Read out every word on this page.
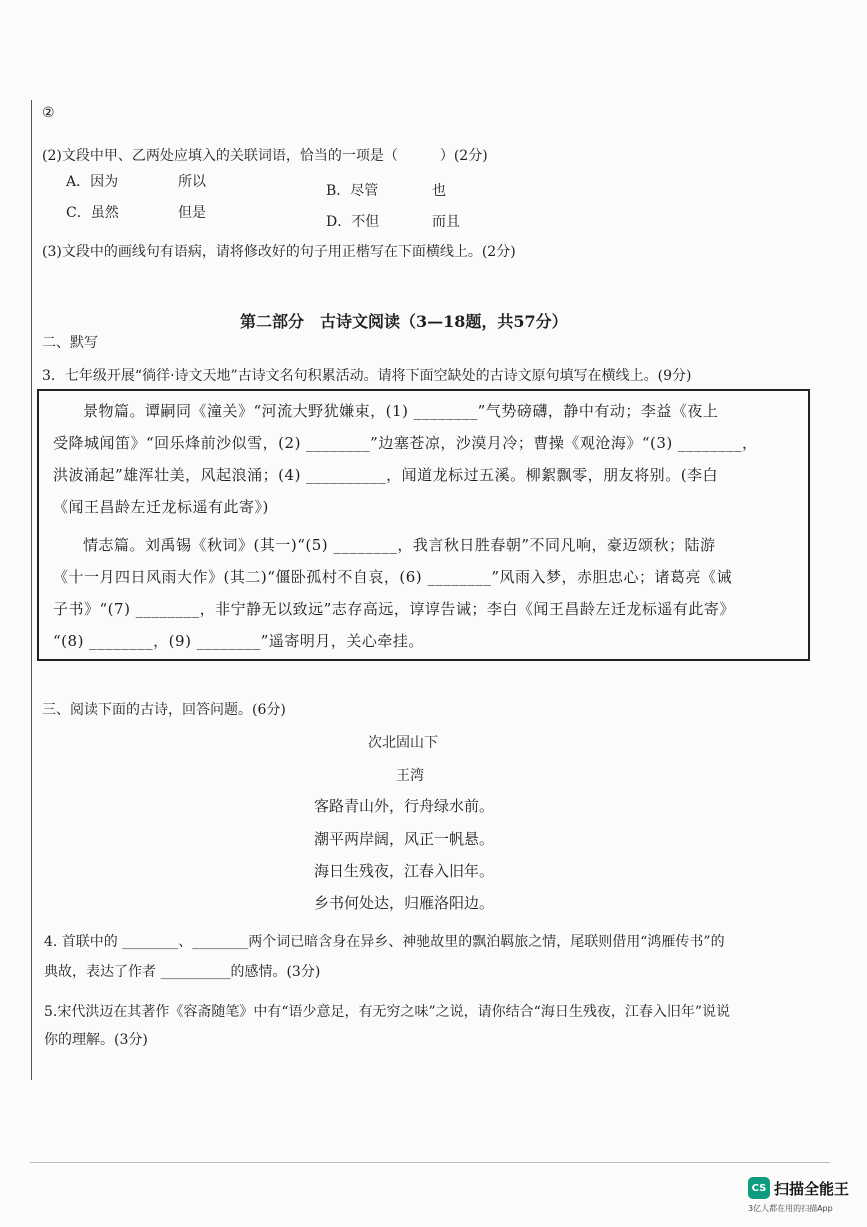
②
(2)文段中甲、乙两处应填入的关联词语，恰当的一项是（　　　）(2分)
A．因为	所以
B．尽管	也
C．虽然	但是
D．不但	而且
(3)文段中的画线句有语病，请将修改好的句子用正楷写在下面横线上。(2分)
第二部分　古诗文阅读（3—18题，共57分）
二、默写
3．七年级开展“徜徉·诗文天地”古诗文名句积累活动。请将下面空缺处的古诗文原句填写在横线上。(9分)
景物篇。谭嗣同《潼关》“河流大野犹嫌束，(1) ________”气势磅礴，静中有动；李益《夜上
受降城闻笛》“回乐烽前沙似雪，(2) ________”边塞苍凉，沙漠月冷；曹操《观沧海》“(3) ________，
洪波涌起”雄浑壮美，风起浪涌；(4) __________，闻道龙标过五溪。柳絮飘零，朋友将别。(李白
《闻王昌龄左迁龙标遥有此寄》)
情志篇。刘禹锡《秋词》(其一)“(5) ________，我言秋日胜春朝”不同凡响，豪迈颂秋；陆游
《十一月四日风雨大作》(其二)“僵卧孤村不自哀，(6) ________”风雨入梦，赤胆忠心；诸葛亮《诫
子书》“(7) ________，非宁静无以致远”志存高远，谆谆告诫；李白《闻王昌龄左迁龙标遥有此寄》
“(8) ________，(9) ________”遥寄明月，关心牵挂。
三、阅读下面的古诗，回答问题。(6分)
次北固山下
王湾
客路青山外，行舟绿水前。
潮平两岸阔，风正一帆悬。
海日生残夜，江春入旧年。
乡书何处达，归雁洛阳边。
4. 首联中的 ________、________两个词已暗含身在异乡、神驰故里的飘泊羁旅之情，尾联则借用“鸿雁传书”的
典故，表达了作者 __________的感情。(3分)
5.宋代洪迈在其著作《容斋随笔》中有“语少意足，有无穷之味”之说，请你结合“海日生残夜，江春入旧年”说说
你的理解。(3分)
CS 扫描全能王
3亿人都在用的扫描App
